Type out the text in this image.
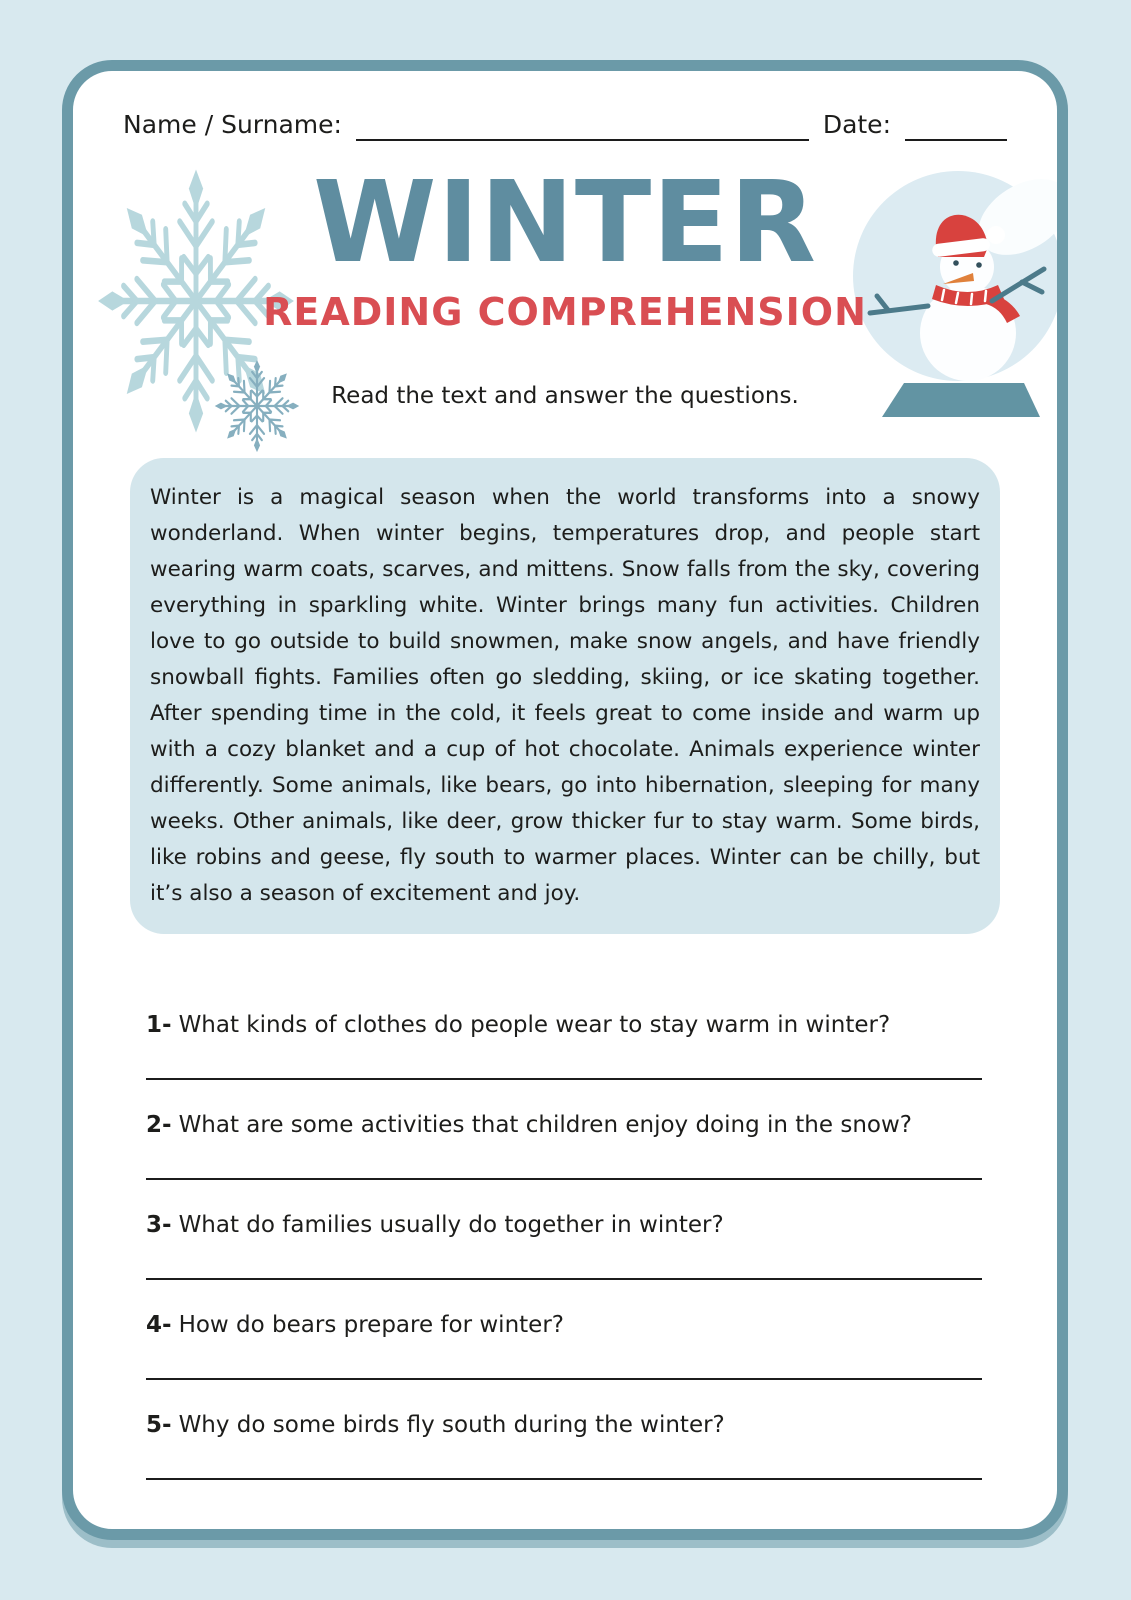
Name / Surname:	Date:
WINTER
READING COMPREHENSION

Read the text and answer the questions.

Winter is a magical season when the world transforms into a snowy wonderland. When winter begins, temperatures drop, and people start wearing warm coats, scarves, and mittens. Snow falls from the sky, covering everything in sparkling white. Winter brings many fun activities. Children love to go outside to build snowmen, make snow angels, and have friendly snowball fights. Families often go sledding, skiing, or ice skating together. After spending time in the cold, it feels great to come inside and warm up with a cozy blanket and a cup of hot chocolate. Animals experience winter differently. Some animals, like bears, go into hibernation, sleeping for many weeks. Other animals, like deer, grow thicker fur to stay warm. Some birds, like robins and geese, fly south to warmer places. Winter can be chilly, but it’s also a season of excitement and joy.

1- What kinds of clothes do people wear to stay warm in winter?

2- What are some activities that children enjoy doing in the snow?

3- What do families usually do together in winter?

4- How do bears prepare for winter?

5- Why do some birds fly south during the winter?
